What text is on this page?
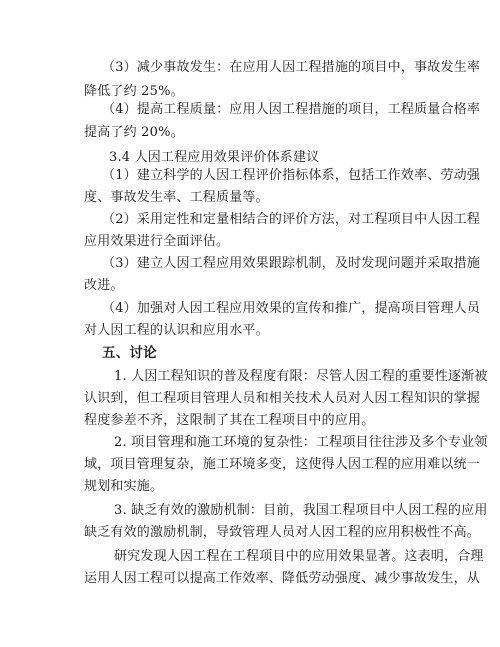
（3）减少事故发生：在应用人因工程措施的项目中，事故发生率
降低了约 25%。
（4）提高工程质量：应用人因工程措施的项目，工程质量合格率
提高了约 20%。
3.4 人因工程应用效果评价体系建议
（1）建立科学的人因工程评价指标体系，包括工作效率、劳动强
度、事故发生率、工程质量等。
（2）采用定性和定量相结合的评价方法，对工程项目中人因工程
应用效果进行全面评估。
（3）建立人因工程应用效果跟踪机制，及时发现问题并采取措施
改进。
（4）加强对人因工程应用效果的宣传和推广，提高项目管理人员
对人因工程的认识和应用水平。
五、讨论
1. 人因工程知识的普及程度有限：尽管人因工程的重要性逐渐被
认识到，但工程项目管理人员和相关技术人员对人因工程知识的掌握
程度参差不齐，这限制了其在工程项目中的应用。
2. 项目管理和施工环境的复杂性：工程项目往往涉及多个专业领
域，项目管理复杂，施工环境多变，这使得人因工程的应用难以统一
规划和实施。
3. 缺乏有效的激励机制：目前，我国工程项目中人因工程的应用
缺乏有效的激励机制，导致管理人员对人因工程的应用积极性不高。
研究发现人因工程在工程项目中的应用效果显著。这表明，合理
运用人因工程可以提高工作效率、降低劳动强度、减少事故发生，从
